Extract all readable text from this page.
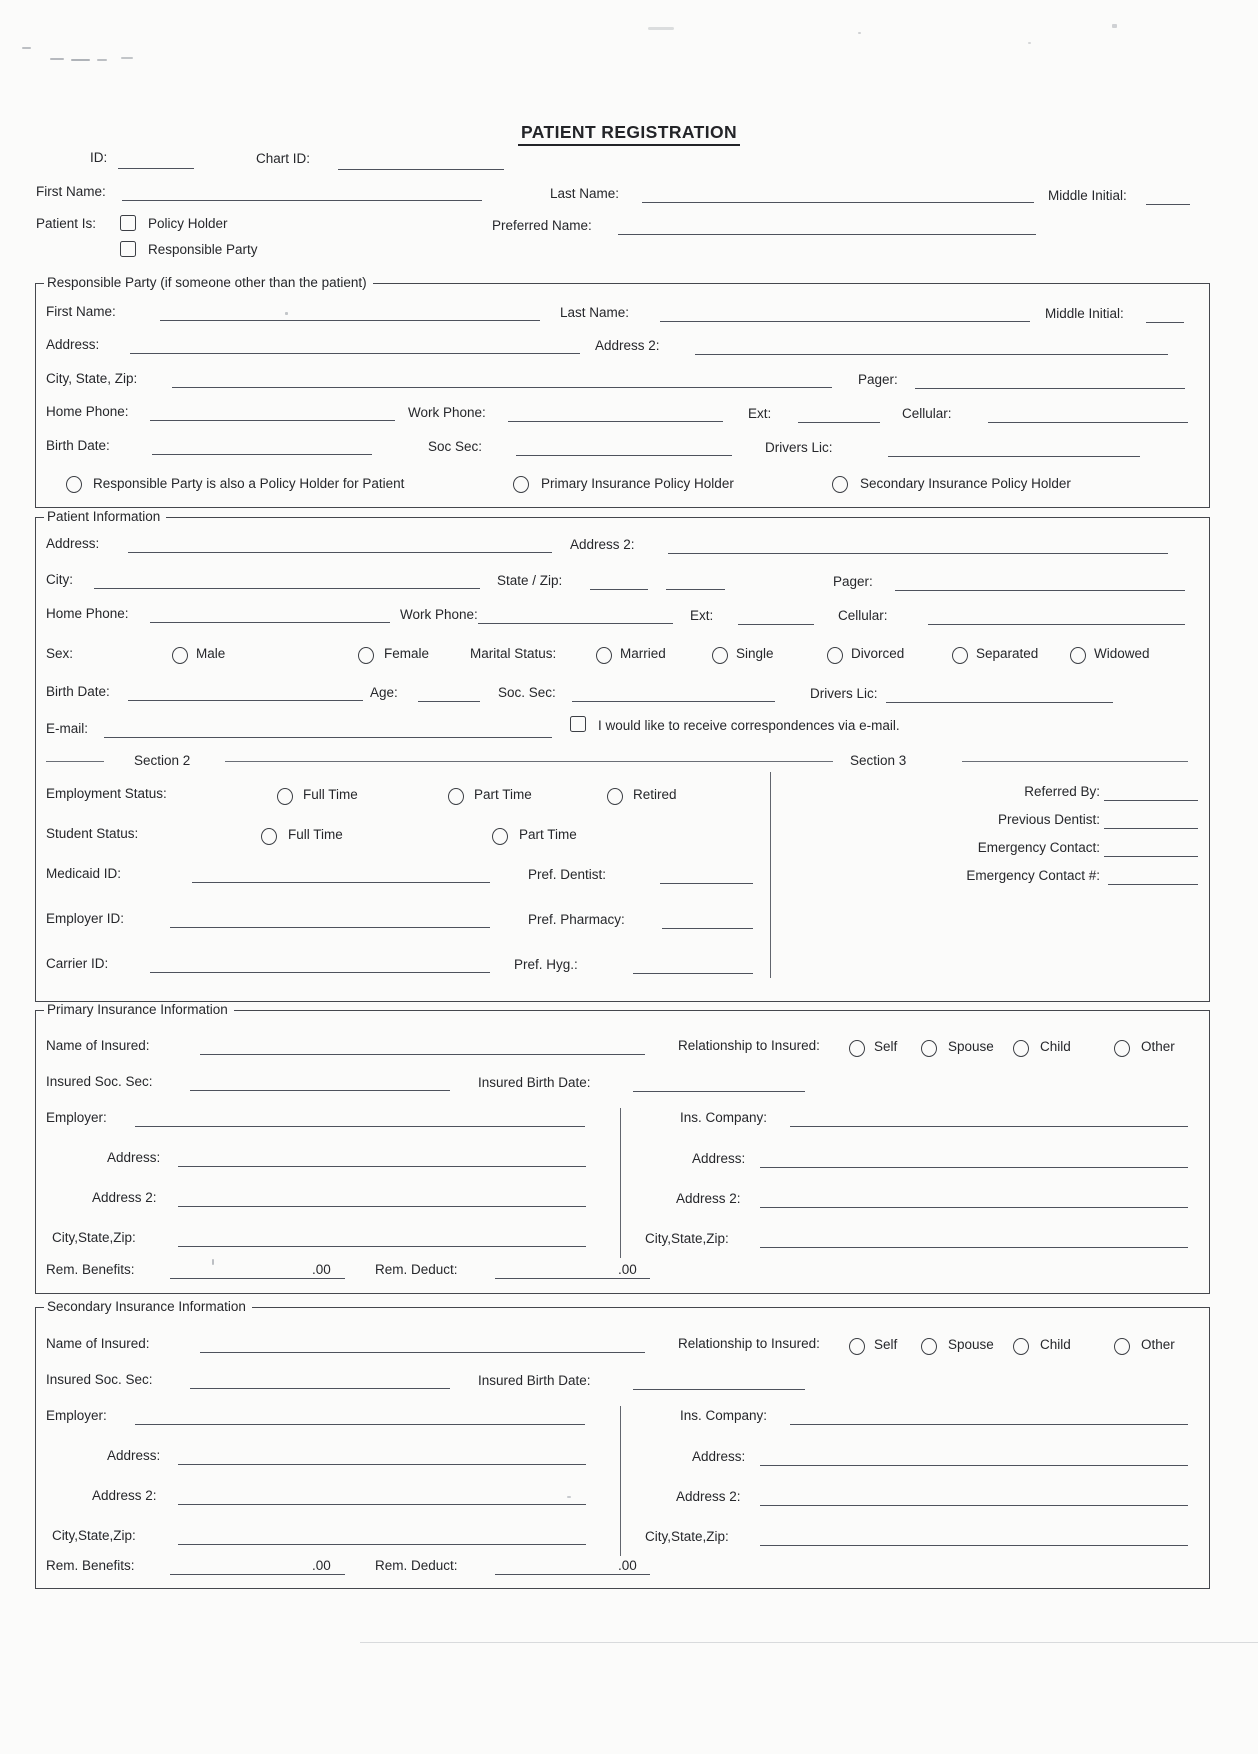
PATIENT REGISTRATION
ID:	Chart ID:
First Name:	Last Name:	Middle Initial:
Patient Is:	Policy Holder	Preferred Name:
Responsible Party
Responsible Party (if someone other than the patient)
First Name:	Last Name:	Middle Initial:
Address:	Address 2:
City, State, Zip:	Pager:
Home Phone:	Work Phone:	Ext:	Cellular:
Birth Date:	Soc Sec:	Drivers Lic:
Responsible Party is also a Policy Holder for Patient	Primary Insurance Policy Holder	Secondary Insurance Policy Holder
Patient Information
Address:	Address 2:
City:	State / Zip:	Pager:
Home Phone:	Work Phone:	Ext:	Cellular:
Sex:	Male	Female	Marital Status:	Married	Single	Divorced	Separated	Widowed
Birth Date:	Age:	Soc. Sec:	Drivers Lic:
E-mail:	I would like to receive correspondences via e-mail.
Section 2	Section 3
Employment Status:	Full Time	Part Time	Retired
Student Status:	Full Time	Part Time
Medicaid ID:	Pref. Dentist:
Employer ID:	Pref. Pharmacy:
Carrier ID:	Pref. Hyg.:
Referred By:
Previous Dentist:
Emergency Contact:
Emergency Contact #:
Primary Insurance Information
Name of Insured:	Relationship to Insured:	Self	Spouse	Child	Other
Insured Soc. Sec:	Insured Birth Date:
Employer:	Ins. Company:
Address:	Address:
Address 2:	Address 2:
City,State,Zip:	City,State,Zip:
Rem. Benefits:	.00	Rem. Deduct:	.00
Secondary Insurance Information
Name of Insured:	Relationship to Insured:	Self	Spouse	Child	Other
Insured Soc. Sec:	Insured Birth Date:
Employer:	Ins. Company:
Address:	Address:
Address 2:	Address 2:
City,State,Zip:	City,State,Zip:
Rem. Benefits:	.00	Rem. Deduct:	.00
